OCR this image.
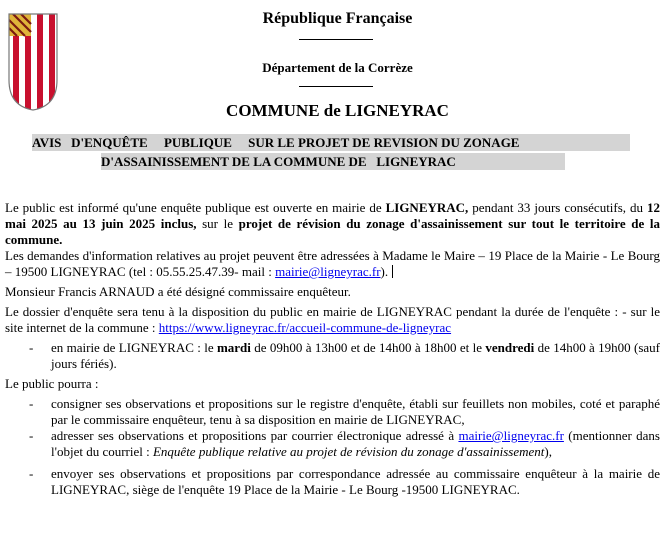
République Française
Département de la Corrèze
COMMUNE de LIGNEYRAC
AVIS   D'ENQUÊTE     PUBLIQUE     SUR LE PROJET DE REVISION DU ZONAGE
D'ASSAINISSEMENT DE LA COMMUNE DE   LIGNEYRAC

Le public est informé qu'une enquête publique est ouverte en mairie de LIGNEYRAC, pendant 33 jours consécutifs, du 12 mai 2025 au 13 juin 2025 inclus, sur le projet de révision du zonage d'assainissement sur tout le territoire de la commune.

Les demandes d'information relatives au projet peuvent être adressées à Madame le Maire – 19 Place de la Mairie - Le Bourg – 19500 LIGNEYRAC (tel : 05.55.25.47.39- mail : mairie@ligneyrac.fr).

Monsieur Francis ARNAUD a été désigné commissaire enquêteur.

Le dossier d'enquête sera tenu à la disposition du public en mairie de LIGNEYRAC pendant la durée de l'enquête : - sur le site internet de la commune : https://www.ligneyrac.fr/accueil-commune-de-ligneyrac

- en mairie de LIGNEYRAC : le mardi de 09h00 à 13h00 et de 14h00 à 18h00 et le vendredi de 14h00 à 19h00 (sauf jours fériés).

Le public pourra :

- consigner ses observations et propositions sur le registre d'enquête, établi sur feuillets non mobiles, coté et paraphé par le commissaire enquêteur, tenu à sa disposition en mairie de LIGNEYRAC,
- adresser ses observations et propositions par courrier électronique adressé à mairie@ligneyrac.fr (mentionner dans l'objet du courriel : Enquête publique relative au projet de révision du zonage d'assainissement),
- envoyer ses observations et propositions par correspondance adressée au commissaire enquêteur à la mairie de LIGNEYRAC, siège de l'enquête 19 Place de la Mairie - Le Bourg -19500 LIGNEYRAC.
